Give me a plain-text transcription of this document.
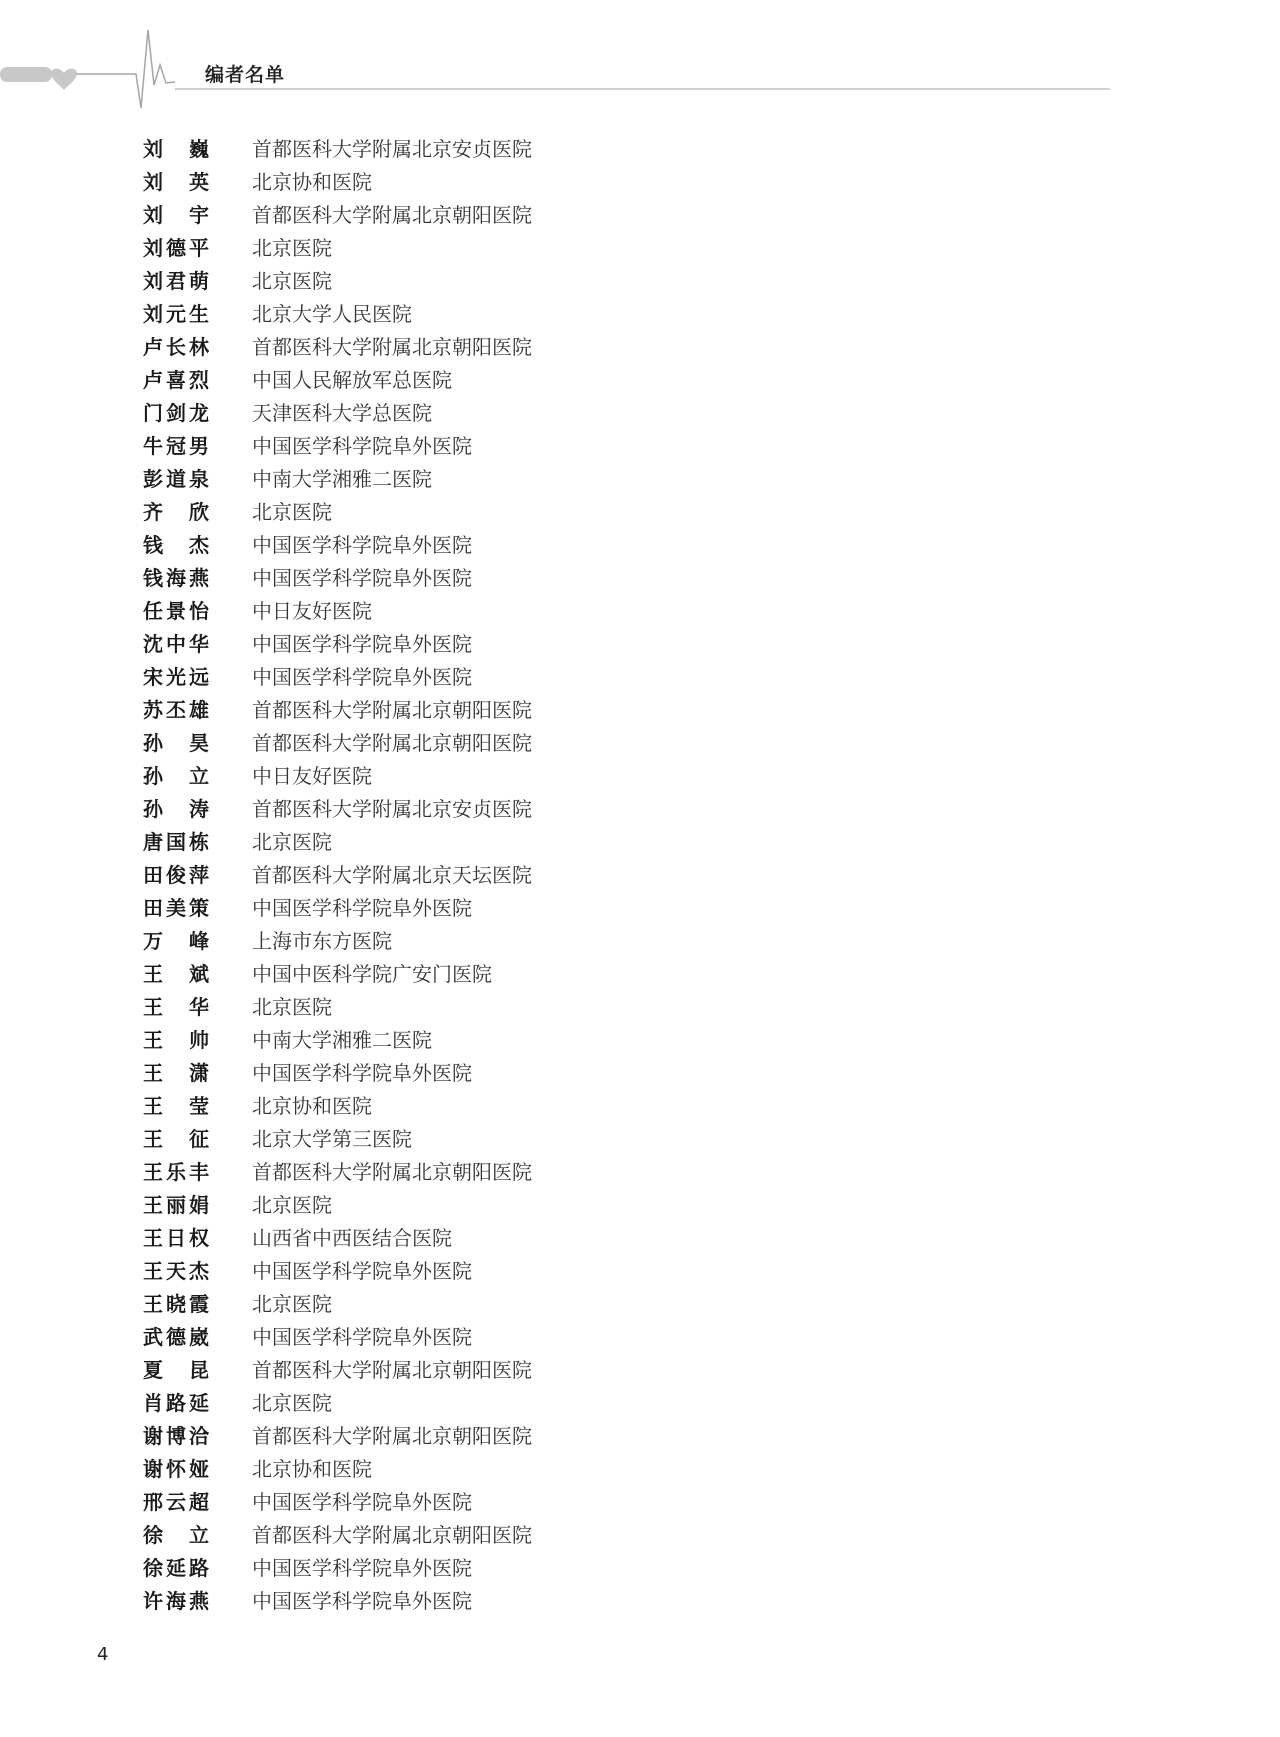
编者名单
刘　巍 首都医科大学附属北京安贞医院
刘　英 北京协和医院
刘　宇 首都医科大学附属北京朝阳医院
刘德平 北京医院
刘君萌 北京医院
刘元生 北京大学人民医院
卢长林 首都医科大学附属北京朝阳医院
卢喜烈 中国人民解放军总医院
门剑龙 天津医科大学总医院
牛冠男 中国医学科学院阜外医院
彭道泉 中南大学湘雅二医院
齐　欣 北京医院
钱　杰 中国医学科学院阜外医院
钱海燕 中国医学科学院阜外医院
任景怡 中日友好医院
沈中华 中国医学科学院阜外医院
宋光远 中国医学科学院阜外医院
苏丕雄 首都医科大学附属北京朝阳医院
孙　昊 首都医科大学附属北京朝阳医院
孙　立 中日友好医院
孙　涛 首都医科大学附属北京安贞医院
唐国栋 北京医院
田俊萍 首都医科大学附属北京天坛医院
田美策 中国医学科学院阜外医院
万　峰 上海市东方医院
王　斌 中国中医科学院广安门医院
王　华 北京医院
王　帅 中南大学湘雅二医院
王　潇 中国医学科学院阜外医院
王　莹 北京协和医院
王　征 北京大学第三医院
王乐丰 首都医科大学附属北京朝阳医院
王丽娟 北京医院
王日权 山西省中西医结合医院
王天杰 中国医学科学院阜外医院
王晓霞 北京医院
武德崴 中国医学科学院阜外医院
夏　昆 首都医科大学附属北京朝阳医院
肖路延 北京医院
谢博洽 首都医科大学附属北京朝阳医院
谢怀娅 北京协和医院
邢云超 中国医学科学院阜外医院
徐　立 首都医科大学附属北京朝阳医院
徐延路 中国医学科学院阜外医院
许海燕 中国医学科学院阜外医院
4
